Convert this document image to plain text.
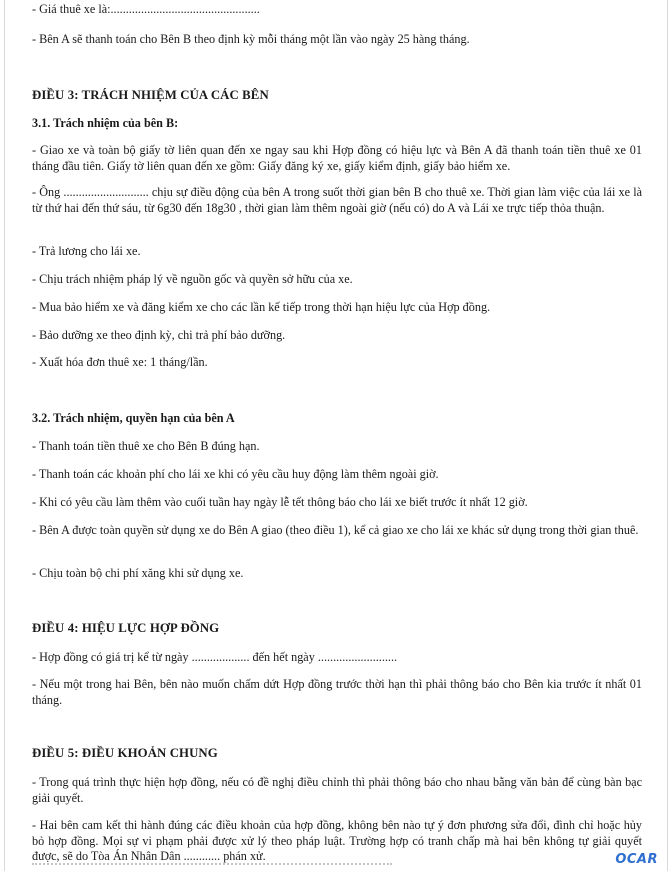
- Giá thuê xe là:.................................................

- Bên A sẽ thanh toán cho Bên B theo định kỳ mỗi tháng một lần vào ngày 25 hàng tháng.

ĐIỀU 3: TRÁCH NHIỆM CỦA CÁC BÊN
3.1. Trách nhiệm của bên B:

- Giao xe và toàn bộ giấy tờ liên quan đến xe ngay sau khi Hợp đồng có hiệu lực và Bên A đã thanh toán tiền thuê xe 01 tháng đầu tiên. Giấy tờ liên quan đến xe gồm: Giấy đăng ký xe, giấy kiểm định, giấy bảo hiểm xe.

- Ông ............................ chịu sự điều động của bên A trong suốt thời gian bên B cho thuê xe. Thời gian làm việc của lái xe là từ thứ hai đến thứ sáu, từ 6g30 đến 18g30 , thời gian làm thêm ngoài giờ (nếu có) do A và Lái xe trực tiếp thỏa thuận.

- Trả lương cho lái xe.

- Chịu trách nhiệm pháp lý về nguồn gốc và quyền sở hữu của xe.

- Mua bảo hiểm xe và đăng kiểm xe cho các lần kế tiếp trong thời hạn hiệu lực của Hợp đồng.

- Bảo dưỡng xe theo định kỳ, chi trả phí bảo dưỡng.

- Xuất hóa đơn thuê xe: 1 tháng/lần.

3.2. Trách nhiệm, quyền hạn của bên A

- Thanh toán tiền thuê xe cho Bên B đúng hạn.

- Thanh toán các khoản phí cho lái xe khi có yêu cầu huy động làm thêm ngoài giờ.

- Khi có yêu cầu làm thêm vào cuối tuần hay ngày lễ tết thông báo cho lái xe biết trước ít nhất 12 giờ.

- Bên A được toàn quyền sử dụng xe do Bên A giao (theo điều 1), kể cả giao xe cho lái xe khác sử dụng trong thời gian thuê.

- Chịu toàn bộ chi phí xăng khi sử dụng xe.

ĐIỀU 4: HIỆU LỰC HỢP ĐỒNG

- Hợp đồng có giá trị kể từ ngày ................... đến hết ngày ..........................

- Nếu một trong hai Bên, bên nào muốn chấm dứt Hợp đồng trước thời hạn thì phải thông báo cho Bên kia trước ít nhất 01 tháng.

ĐIỀU 5: ĐIỀU KHOẢN CHUNG

- Trong quá trình thực hiện hợp đồng, nếu có đề nghị điều chỉnh thì phải thông báo cho nhau bằng văn bản để cùng bàn bạc giải quyết.

- Hai bên cam kết thi hành đúng các điều khoản của hợp đồng, không bên nào tự ý đơn phương sửa đổi, đình chỉ hoặc hủy bỏ hợp đồng. Mọi sự vi phạm phải được xử lý theo pháp luật. Trường hợp có tranh chấp mà hai bên không tự giải quyết được, sẽ do Tòa Án Nhân Dân ............ phán xử.	OCAR
